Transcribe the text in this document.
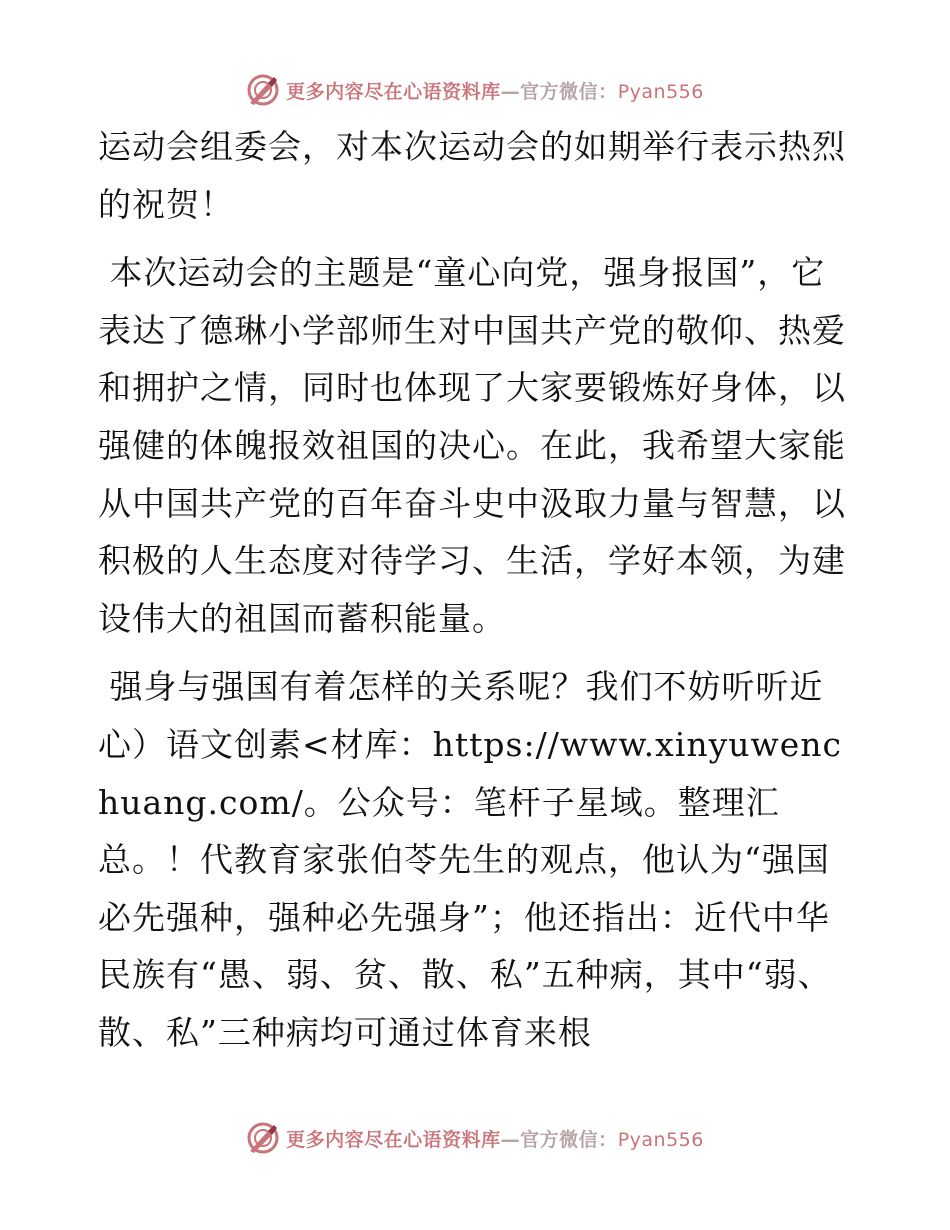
更多内容尽在心语资料库—官方微信：Pyan556

运动会组委会，对本次运动会的如期举行表示热烈的祝贺！

本次运动会的主题是“童心向党，强身报国”，它表达了德琳小学部师生对中国共产党的敬仰、热爱和拥护之情，同时也体现了大家要锻炼好身体，以强健的体魄报效祖国的决心。在此，我希望大家能从中国共产党的百年奋斗史中汲取力量与智慧，以积极的人生态度对待学习、生活，学好本领，为建设伟大的祖国而蓄积能量。

强身与强国有着怎样的关系呢？我们不妨听听近心）语文创素<材库：https://www.xinyuwenchuang.com/。公众号：笔杆子星域。整理汇总。！代教育家张伯苓先生的观点，他认为“强国必先强种，强种必先强身”；他还指出：近代中华民族有“愚、弱、贫、散、私”五种病，其中“弱、散、私”三种病均可通过体育来根

更多内容尽在心语资料库—官方微信：Pyan556
